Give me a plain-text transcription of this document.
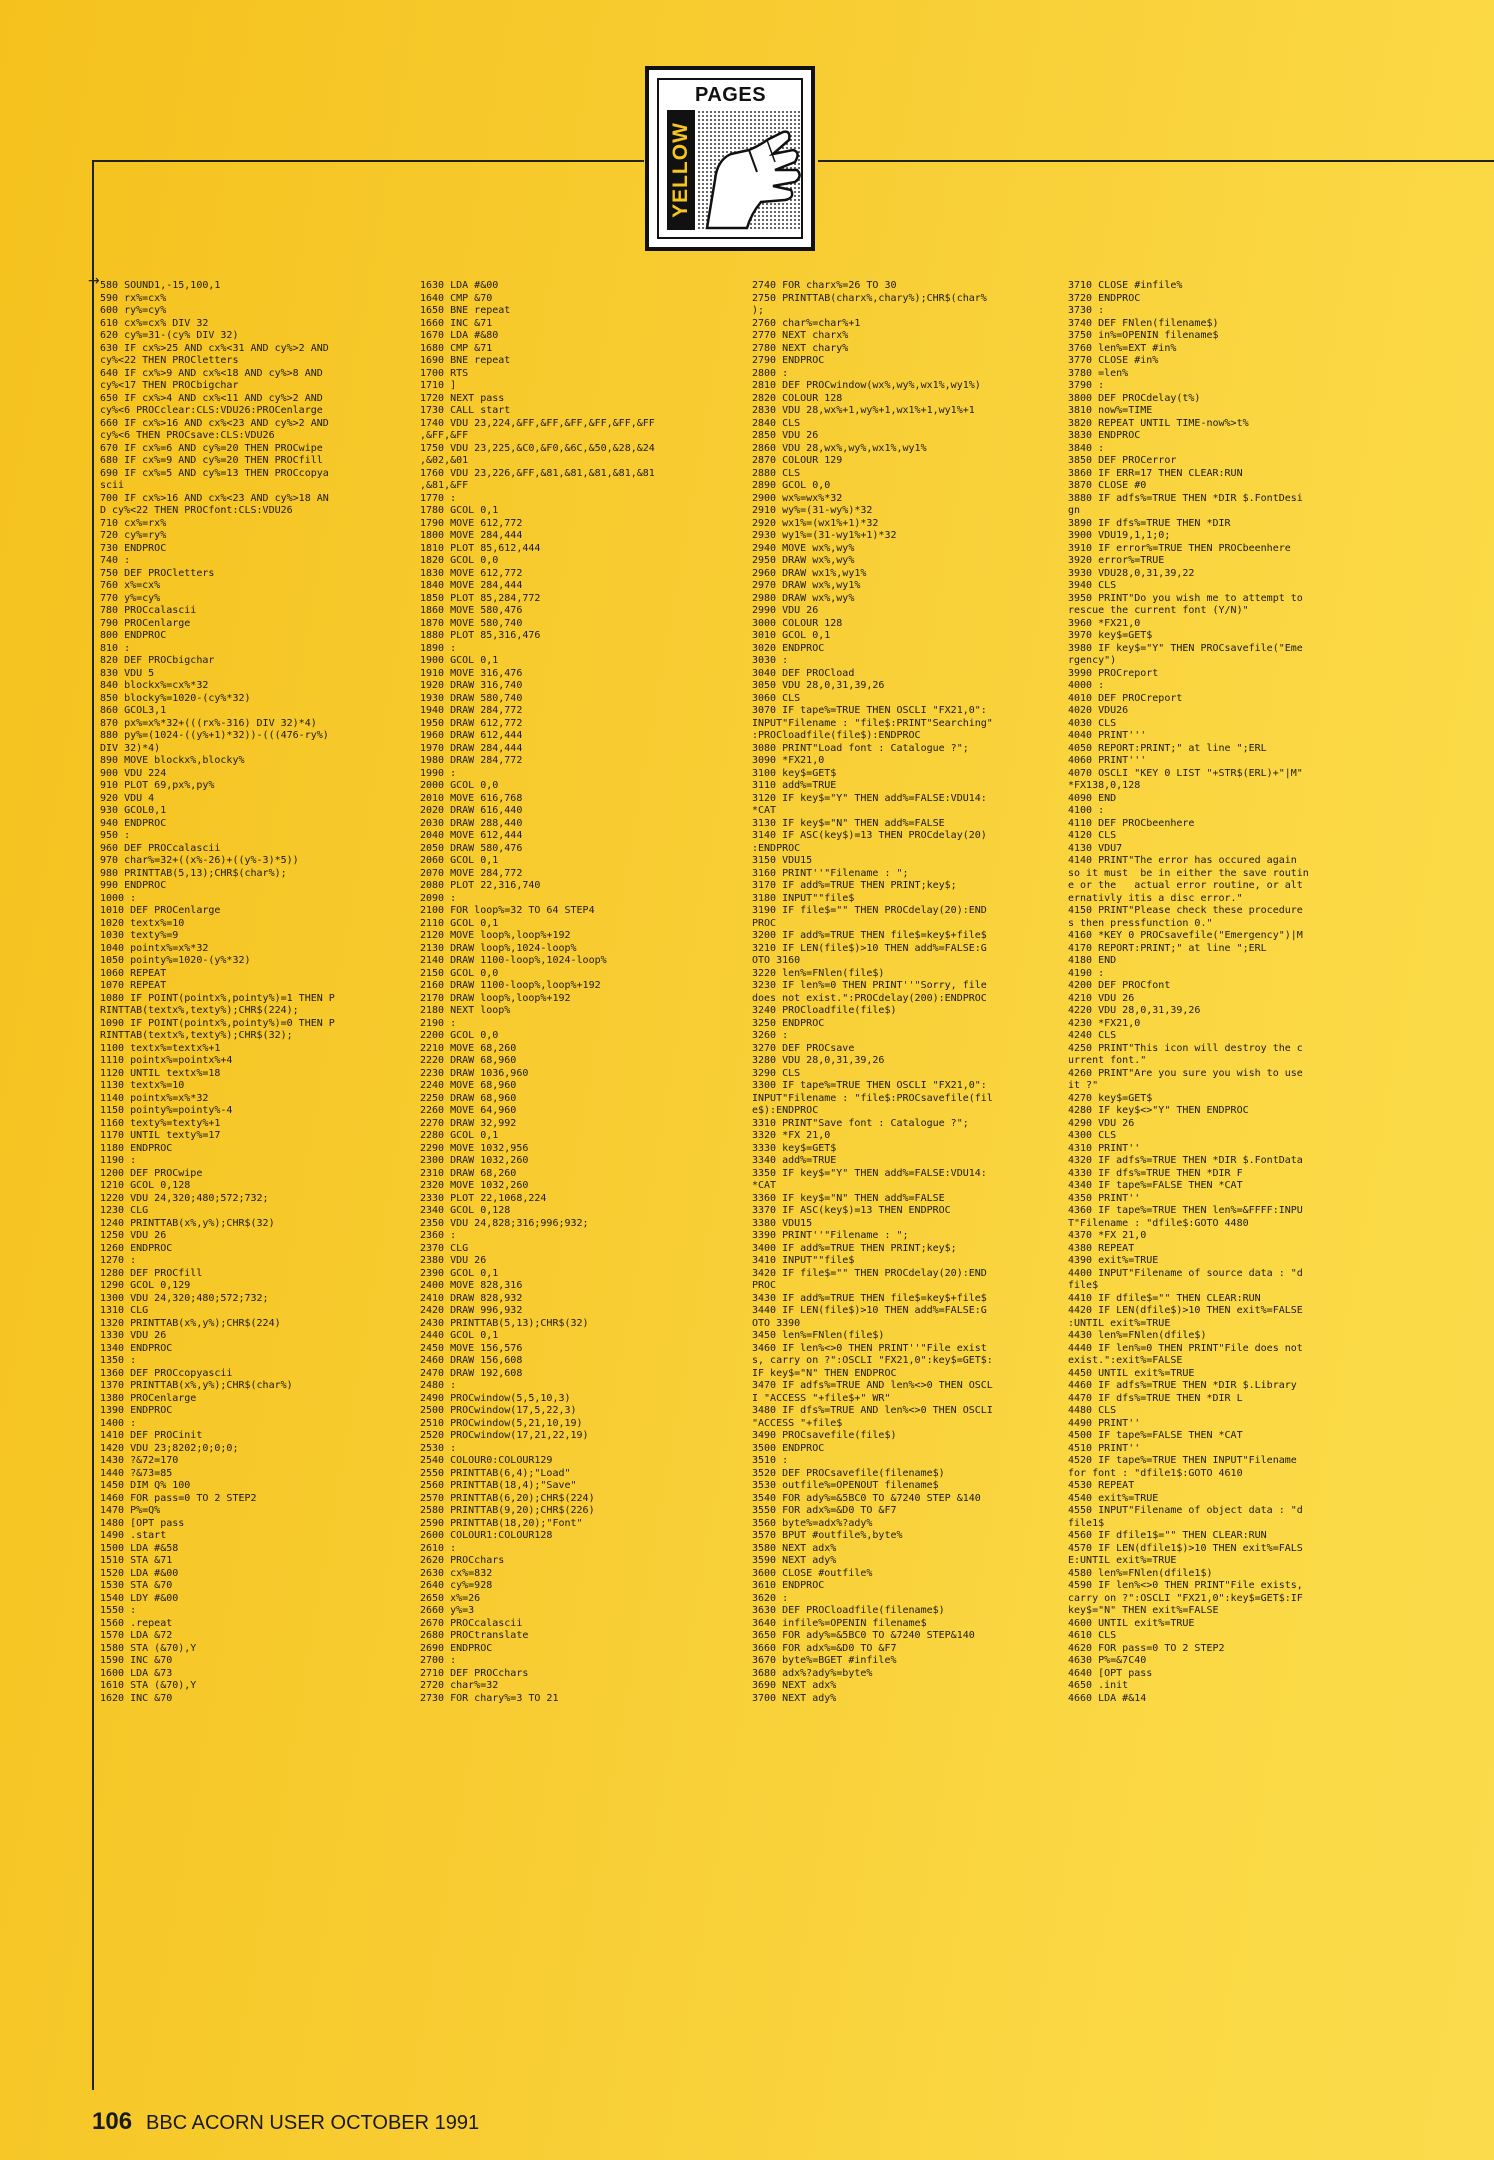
PAGES
YELLOW
→ 580 SOUND1,-15,100,1
590 rx%=cx%
600 ry%=cy%
610 cx%=cx% DIV 32
620 cy%=31-(cy% DIV 32)
630 IF cx%>25 AND cx%<31 AND cy%>2 AND
cy%<22 THEN PROCletters
640 IF cx%>9 AND cx%<18 AND cy%>8 AND
cy%<17 THEN PROCbigchar
650 IF cx%>4 AND cx%<11 AND cy%>2 AND
cy%<6 PROCclear:CLS:VDU26:PROCenlarge
660 IF cx%>16 AND cx%<23 AND cy%>2 AND
cy%<6 THEN PROCsave:CLS:VDU26
670 IF cx%=6 AND cy%=20 THEN PROCwipe
680 IF cx%=9 AND cy%=20 THEN PROCfill
690 IF cx%=5 AND cy%=13 THEN PROCcopya
scii
700 IF cx%>16 AND cx%<23 AND cy%>18 AN
D cy%<22 THEN PROCfont:CLS:VDU26
710 cx%=rx%
720 cy%=ry%
730 ENDPROC
740 :
750 DEF PROCletters
760 x%=cx%
770 y%=cy%
780 PROCcalascii
790 PROCenlarge
800 ENDPROC
810 :
820 DEF PROCbigchar
830 VDU 5
840 blockx%=cx%*32
850 blocky%=1020-(cy%*32)
860 GCOL3,1
870 px%=x%*32+(((rx%-316) DIV 32)*4)
880 py%=(1024-((y%+1)*32))-(((476-ry%)
DIV 32)*4)
890 MOVE blockx%,blocky%
900 VDU 224
910 PLOT 69,px%,py%
920 VDU 4
930 GCOL0,1
940 ENDPROC
950 :
960 DEF PROCcalascii
970 char%=32+((x%-26)+((y%-3)*5))
980 PRINTTAB(5,13);CHR$(char%);
990 ENDPROC
1000 :
1010 DEF PROCenlarge
1020 textx%=10
1030 texty%=9
1040 pointx%=x%*32
1050 pointy%=1020-(y%*32)
1060 REPEAT
1070 REPEAT
1080 IF POINT(pointx%,pointy%)=1 THEN P
RINTTAB(textx%,texty%);CHR$(224);
1090 IF POINT(pointx%,pointy%)=0 THEN P
RINTTAB(textx%,texty%);CHR$(32);
1100 textx%=textx%+1
1110 pointx%=pointx%+4
1120 UNTIL textx%=18
1130 textx%=10
1140 pointx%=x%*32
1150 pointy%=pointy%-4
1160 texty%=texty%+1
1170 UNTIL texty%=17
1180 ENDPROC
1190 :
1200 DEF PROCwipe
1210 GCOL 0,128
1220 VDU 24,320;480;572;732;
1230 CLG
1240 PRINTTAB(x%,y%);CHR$(32)
1250 VDU 26
1260 ENDPROC
1270 :
1280 DEF PROCfill
1290 GCOL 0,129
1300 VDU 24,320;480;572;732;
1310 CLG
1320 PRINTTAB(x%,y%);CHR$(224)
1330 VDU 26
1340 ENDPROC
1350 :
1360 DEF PROCcopyascii
1370 PRINTTAB(x%,y%);CHR$(char%)
1380 PROCenlarge
1390 ENDPROC
1400 :
1410 DEF PROCinit
1420 VDU 23;8202;0;0;0;
1430 ?&72=170
1440 ?&73=85
1450 DIM Q% 100
1460 FOR pass=0 TO 2 STEP2
1470 P%=Q%
1480 [OPT pass
1490 .start
1500 LDA #&58
1510 STA &71
1520 LDA #&00
1530 STA &70
1540 LDY #&00
1550 :
1560 .repeat
1570 LDA &72
1580 STA (&70),Y
1590 INC &70
1600 LDA &73
1610 STA (&70),Y
1620 INC &70

1630 LDA #&00
1640 CMP &70
1650 BNE repeat
1660 INC &71
1670 LDA #&80
1680 CMP &71
1690 BNE repeat
1700 RTS
1710 ]
1720 NEXT pass
1730 CALL start
1740 VDU 23,224,&FF,&FF,&FF,&FF,&FF,&FF
,&FF,&FF
1750 VDU 23,225,&C0,&F0,&6C,&50,&28,&24
,&02,&01
1760 VDU 23,226,&FF,&81,&81,&81,&81,&81
,&81,&FF
1770 :
1780 GCOL 0,1
1790 MOVE 612,772
1800 MOVE 284,444
1810 PLOT 85,612,444
1820 GCOL 0,0
1830 MOVE 612,772
1840 MOVE 284,444
1850 PLOT 85,284,772
1860 MOVE 580,476
1870 MOVE 580,740
1880 PLOT 85,316,476
1890 :
1900 GCOL 0,1
1910 MOVE 316,476
1920 DRAW 316,740
1930 DRAW 580,740
1940 DRAW 284,772
1950 DRAW 612,772
1960 DRAW 612,444
1970 DRAW 284,444
1980 DRAW 284,772
1990 :
2000 GCOL 0,0
2010 MOVE 616,768
2020 DRAW 616,440
2030 DRAW 288,440
2040 MOVE 612,444
2050 DRAW 580,476
2060 GCOL 0,1
2070 MOVE 284,772
2080 PLOT 22,316,740
2090 :
2100 FOR loop%=32 TO 64 STEP4
2110 GCOL 0,1
2120 MOVE loop%,loop%+192
2130 DRAW loop%,1024-loop%
2140 DRAW 1100-loop%,1024-loop%
2150 GCOL 0,0
2160 DRAW 1100-loop%,loop%+192
2170 DRAW loop%,loop%+192
2180 NEXT loop%
2190 :
2200 GCOL 0,0
2210 MOVE 68,260
2220 DRAW 68,960
2230 DRAW 1036,960
2240 MOVE 68,960
2250 DRAW 68,960
2260 MOVE 64,960
2270 DRAW 32,992
2280 GCOL 0,1
2290 MOVE 1032,956
2300 DRAW 1032,260
2310 DRAW 68,260
2320 MOVE 1032,260
2330 PLOT 22,1068,224
2340 GCOL 0,128
2350 VDU 24,828;316;996;932;
2360 :
2370 CLG
2380 VDU 26
2390 GCOL 0,1
2400 MOVE 828,316
2410 DRAW 828,932
2420 DRAW 996,932
2430 PRINTTAB(5,13);CHR$(32)
2440 GCOL 0,1
2450 MOVE 156,576
2460 DRAW 156,608
2470 DRAW 192,608
2480 :
2490 PROCwindow(5,5,10,3)
2500 PROCwindow(17,5,22,3)
2510 PROCwindow(5,21,10,19)
2520 PROCwindow(17,21,22,19)
2530 :
2540 COLOUR0:COLOUR129
2550 PRINTTAB(6,4);"Load"
2560 PRINTTAB(18,4);"Save"
2570 PRINTTAB(6,20);CHR$(224)
2580 PRINTTAB(9,20);CHR$(226)
2590 PRINTTAB(18,20);"Font"
2600 COLOUR1:COLOUR128
2610 :
2620 PROCchars
2630 cx%=832
2640 cy%=928
2650 x%=26
2660 y%=3
2670 PROCcalascii
2680 PROCtranslate
2690 ENDPROC
2700 :
2710 DEF PROCchars
2720 char%=32
2730 FOR chary%=3 TO 21

2740 FOR charx%=26 TO 30
2750 PRINTTAB(charx%,chary%);CHR$(char%
);
2760 char%=char%+1
2770 NEXT charx%
2780 NEXT chary%
2790 ENDPROC
2800 :
2810 DEF PROCwindow(wx%,wy%,wx1%,wy1%)
2820 COLOUR 128
2830 VDU 28,wx%+1,wy%+1,wx1%+1,wy1%+1
2840 CLS
2850 VDU 26
2860 VDU 28,wx%,wy%,wx1%,wy1%
2870 COLOUR 129
2880 CLS
2890 GCOL 0,0
2900 wx%=wx%*32
2910 wy%=(31-wy%)*32
2920 wx1%=(wx1%+1)*32
2930 wy1%=(31-wy1%+1)*32
2940 MOVE wx%,wy%
2950 DRAW wx%,wy%
2960 DRAW wx1%,wy1%
2970 DRAW wx%,wy1%
2980 DRAW wx%,wy%
2990 VDU 26
3000 COLOUR 128
3010 GCOL 0,1
3020 ENDPROC
3030 :
3040 DEF PROCload
3050 VDU 28,0,31,39,26
3060 CLS
3070 IF tape%=TRUE THEN OSCLI "FX21,0":
INPUT"Filename : "file$:PRINT"Searching"
:PROCloadfile(file$):ENDPROC
3080 PRINT"Load font : Catalogue ?";
3090 *FX21,0
3100 key$=GET$
3110 add%=TRUE
3120 IF key$="Y" THEN add%=FALSE:VDU14:
*CAT
3130 IF key$="N" THEN add%=FALSE
3140 IF ASC(key$)=13 THEN PROCdelay(20)
:ENDPROC
3150 VDU15
3160 PRINT''"Filename : ";
3170 IF add%=TRUE THEN PRINT;key$;
3180 INPUT""file$
3190 IF file$="" THEN PROCdelay(20):END
PROC
3200 IF add%=TRUE THEN file$=key$+file$
3210 IF LEN(file$)>10 THEN add%=FALSE:G
OTO 3160
3220 len%=FNlen(file$)
3230 IF len%=0 THEN PRINT''"Sorry, file
does not exist.":PROCdelay(200):ENDPROC
3240 PROCloadfile(file$)
3250 ENDPROC
3260 :
3270 DEF PROCsave
3280 VDU 28,0,31,39,26
3290 CLS
3300 IF tape%=TRUE THEN OSCLI "FX21,0":
INPUT"Filename : "file$:PROCsavefile(fil
e$):ENDPROC
3310 PRINT"Save font : Catalogue ?";
3320 *FX 21,0
3330 key$=GET$
3340 add%=TRUE
3350 IF key$="Y" THEN add%=FALSE:VDU14:
*CAT
3360 IF key$="N" THEN add%=FALSE
3370 IF ASC(key$)=13 THEN ENDPROC
3380 VDU15
3390 PRINT''"Filename : ";
3400 IF add%=TRUE THEN PRINT;key$;
3410 INPUT""file$
3420 IF file$="" THEN PROCdelay(20):END
PROC
3430 IF add%=TRUE THEN file$=key$+file$
3440 IF LEN(file$)>10 THEN add%=FALSE:G
OTO 3390
3450 len%=FNlen(file$)
3460 IF len%<>0 THEN PRINT''"File exist
s, carry on ?":OSCLI "FX21,0":key$=GET$:
IF key$="N" THEN ENDPROC
3470 IF adfs%=TRUE AND len%<>0 THEN OSCL
I "ACCESS "+file$+" WR"
3480 IF dfs%=TRUE AND len%<>0 THEN OSCLI
"ACCESS "+file$
3490 PROCsavefile(file$)
3500 ENDPROC
3510 :
3520 DEF PROCsavefile(filename$)
3530 outfile%=OPENOUT filename$
3540 FOR ady%=&5BC0 TO &7240 STEP &140
3550 FOR adx%=&D0 TO &F7
3560 byte%=adx%?ady%
3570 BPUT #outfile%,byte%
3580 NEXT adx%
3590 NEXT ady%
3600 CLOSE #outfile%
3610 ENDPROC
3620 :
3630 DEF PROCloadfile(filename$)
3640 infile%=OPENIN filename$
3650 FOR ady%=&5BC0 TO &7240 STEP&140
3660 FOR adx%=&D0 TO &F7
3670 byte%=BGET #infile%
3680 adx%?ady%=byte%
3690 NEXT adx%
3700 NEXT ady%

3710 CLOSE #infile%
3720 ENDPROC
3730 :
3740 DEF FNlen(filename$)
3750 in%=OPENIN filename$
3760 len%=EXT #in%
3770 CLOSE #in%
3780 =len%
3790 :
3800 DEF PROCdelay(t%)
3810 now%=TIME
3820 REPEAT UNTIL TIME-now%>t%
3830 ENDPROC
3840 :
3850 DEF PROCerror
3860 IF ERR=17 THEN CLEAR:RUN
3870 CLOSE #0
3880 IF adfs%=TRUE THEN *DIR $.FontDesi
gn
3890 IF dfs%=TRUE THEN *DIR
3900 VDU19,1,1;0;
3910 IF error%=TRUE THEN PROCbeenhere
3920 error%=TRUE
3930 VDU28,0,31,39,22
3940 CLS
3950 PRINT"Do you wish me to attempt to
rescue the current font (Y/N)"
3960 *FX21,0
3970 key$=GET$
3980 IF key$="Y" THEN PROCsavefile("Eme
rgency")
3990 PROCreport
4000 :
4010 DEF PROCreport
4020 VDU26
4030 CLS
4040 PRINT'''
4050 REPORT:PRINT;" at line ";ERL
4060 PRINT'''
4070 OSCLI "KEY 0 LIST "+STR$(ERL)+"|M"
*FX138,0,128
4090 END
4100 :
4110 DEF PROCbeenhere
4120 CLS
4130 VDU7
4140 PRINT"The error has occured again
so it must  be in either the save routin
e or the   actual error routine, or alt
ernativly itis a disc error."
4150 PRINT"Please check these procedure
s then pressfunction 0."
4160 *KEY 0 PROCsavefile("Emergency")|M
4170 REPORT:PRINT;" at line ";ERL
4180 END
4190 :
4200 DEF PROCfont
4210 VDU 26
4220 VDU 28,0,31,39,26
4230 *FX21,0
4240 CLS
4250 PRINT"This icon will destroy the c
urrent font."
4260 PRINT"Are you sure you wish to use
it ?"
4270 key$=GET$
4280 IF key$<>"Y" THEN ENDPROC
4290 VDU 26
4300 CLS
4310 PRINT''
4320 IF adfs%=TRUE THEN *DIR $.FontData
4330 IF dfs%=TRUE THEN *DIR F
4340 IF tape%=FALSE THEN *CAT
4350 PRINT''
4360 IF tape%=TRUE THEN len%=&FFFF:INPU
T"Filename : "dfile$:GOTO 4480
4370 *FX 21,0
4380 REPEAT
4390 exit%=TRUE
4400 INPUT"Filename of source data : "d
file$
4410 IF dfile$="" THEN CLEAR:RUN
4420 IF LEN(dfile$)>10 THEN exit%=FALSE
:UNTIL exit%=TRUE
4430 len%=FNlen(dfile$)
4440 IF len%=0 THEN PRINT"File does not
exist.":exit%=FALSE
4450 UNTIL exit%=TRUE
4460 IF adfs%=TRUE THEN *DIR $.Library
4470 IF dfs%=TRUE THEN *DIR L
4480 CLS
4490 PRINT''
4500 IF tape%=FALSE THEN *CAT
4510 PRINT''
4520 IF tape%=TRUE THEN INPUT"Filename
for font : "dfile1$:GOTO 4610
4530 REPEAT
4540 exit%=TRUE
4550 INPUT"Filename of object data : "d
file1$
4560 IF dfile1$="" THEN CLEAR:RUN
4570 IF LEN(dfile1$)>10 THEN exit%=FALS
E:UNTIL exit%=TRUE
4580 len%=FNlen(dfile1$)
4590 IF len%<>0 THEN PRINT"File exists,
carry on ?":OSCLI "FX21,0":key$=GET$:IF
key$="N" THEN exit%=FALSE
4600 UNTIL exit%=TRUE
4610 CLS
4620 FOR pass=0 TO 2 STEP2
4630 P%=&7C40
4640 [OPT pass
4650 .init
4660 LDA #&14

106 BBC ACORN USER OCTOBER 1991
